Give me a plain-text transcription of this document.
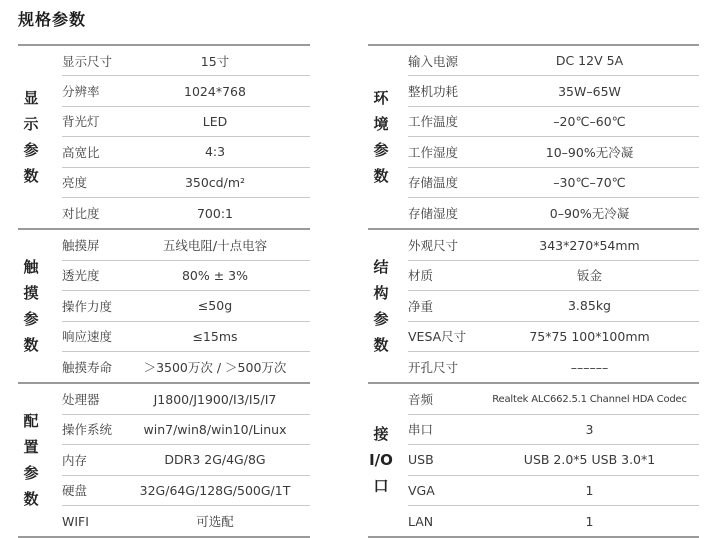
规格参数
显
示
参
数
显示尺寸	15寸
分辨率	1024*768
背光灯	LED
高宽比	4:3
亮度	350cd/m²
对比度	700:1
触
摸
参
数
触摸屏	五线电阻/十点电容
透光度	80% ± 3%
操作力度	≤50g
响应速度	≤15ms
触摸寿命	＞3500万次 / ＞500万次
配
置
参
数
处理器	J1800/J1900/I3/I5/I7
操作系统	win7/win8/win10/Linux
内存	DDR3 2G/4G/8G
硬盘	32G/64G/128G/500G/1T
WIFI	可选配
环
境
参
数
输入电源	DC 12V 5A
整机功耗	35W–65W
工作温度	–20℃–60℃
工作湿度	10–90%无冷凝
存储温度	–30℃–70℃
存储湿度	0–90%无冷凝
结
构
参
数
外观尺寸	343*270*54mm
材质	钣金
净重	3.85kg
VESA尺寸	75*75 100*100mm
开孔尺寸	––––––
接
I/O
口
音频	Realtek ALC662.5.1 Channel HDA Codec
串口	3
USB	USB 2.0*5 USB 3.0*1
VGA	1
LAN	1
